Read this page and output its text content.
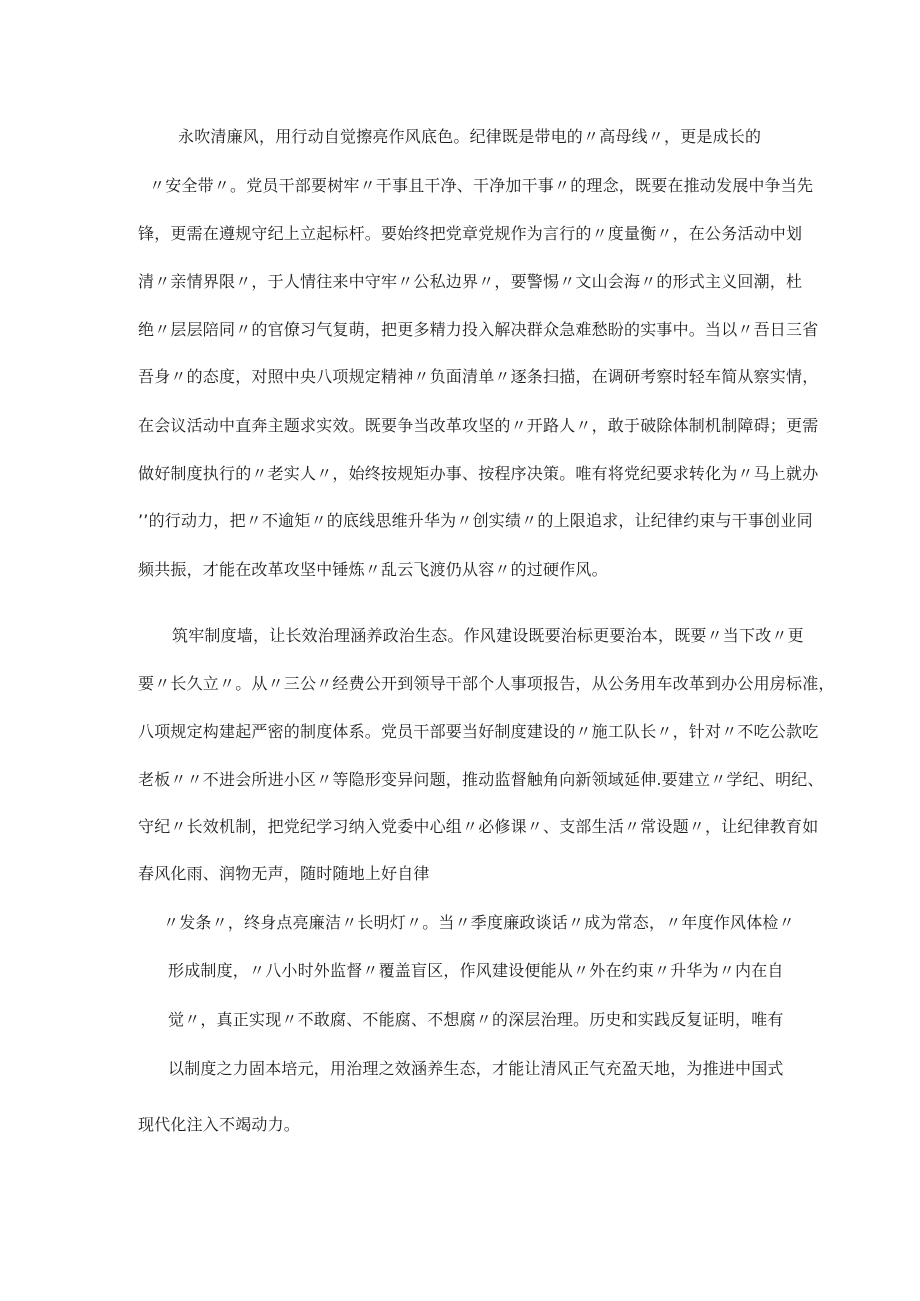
永吹清廉风，用行动自觉擦亮作风底色。纪律既是带电的〃高母线〃，更是成长的
〃安全带〃。党员干部要树牢〃干事且干净、干净加干事〃的理念，既要在推动发展中争当先
锋，更需在遵规守纪上立起标杆。要始终把党章党规作为言行的〃度量衡〃，在公务活动中划
清〃亲情界限〃，于人情往来中守牢〃公私边界〃，要警惕〃文山会海〃的形式主义回潮，杜
绝〃层层陪同〃的官僚习气复萌，把更多精力投入解决群众急难愁盼的实事中。当以〃吾日三省
吾身〃的态度，对照中央八项规定精神〃负面清单〃逐条扫描，在调研考察时轻车简从察实情，
在会议活动中直奔主题求实效。既要争当改革攻坚的〃开路人〃，敢于破除体制机制障碍；更需
做好制度执行的〃老实人〃，始终按规矩办事、按程序决策。唯有将党纪要求转化为〃马上就办
’’的行动力，把〃不逾矩〃的底线思维升华为〃创实绩〃的上限追求，让纪律约束与干事创业同
频共振，才能在改革攻坚中锤炼〃乱云飞渡仍从容〃的过硬作风。
筑牢制度墙，让长效治理涵养政治生态。作风建设既要治标更要治本，既要〃当下改〃更
要〃长久立〃。从〃三公〃经费公开到领导干部个人事项报告，从公务用车改革到办公用房标准，
八项规定构建起严密的制度体系。党员干部要当好制度建设的〃施工队长〃，针对〃不吃公款吃
老板〃〃不进会所进小区〃等隐形变异问题，推动监督触角向新领域延伸.要建立〃学纪、明纪、
守纪〃长效机制，把党纪学习纳入党委中心组〃必修课〃、支部生活〃常设题〃，让纪律教育如
春风化雨、润物无声，随时随地上好自律
〃发条〃，终身点亮廉洁〃长明灯〃。当〃季度廉政谈话〃成为常态，〃年度作风体检〃
形成制度，〃八小时外监督〃覆盖盲区，作风建设便能从〃外在约束〃升华为〃内在自
觉〃，真正实现〃不敢腐、不能腐、不想腐〃的深层治理。历史和实践反复证明，唯有
以制度之力固本培元，用治理之效涵养生态，才能让清风正气充盈天地，为推进中国式
现代化注入不竭动力。
